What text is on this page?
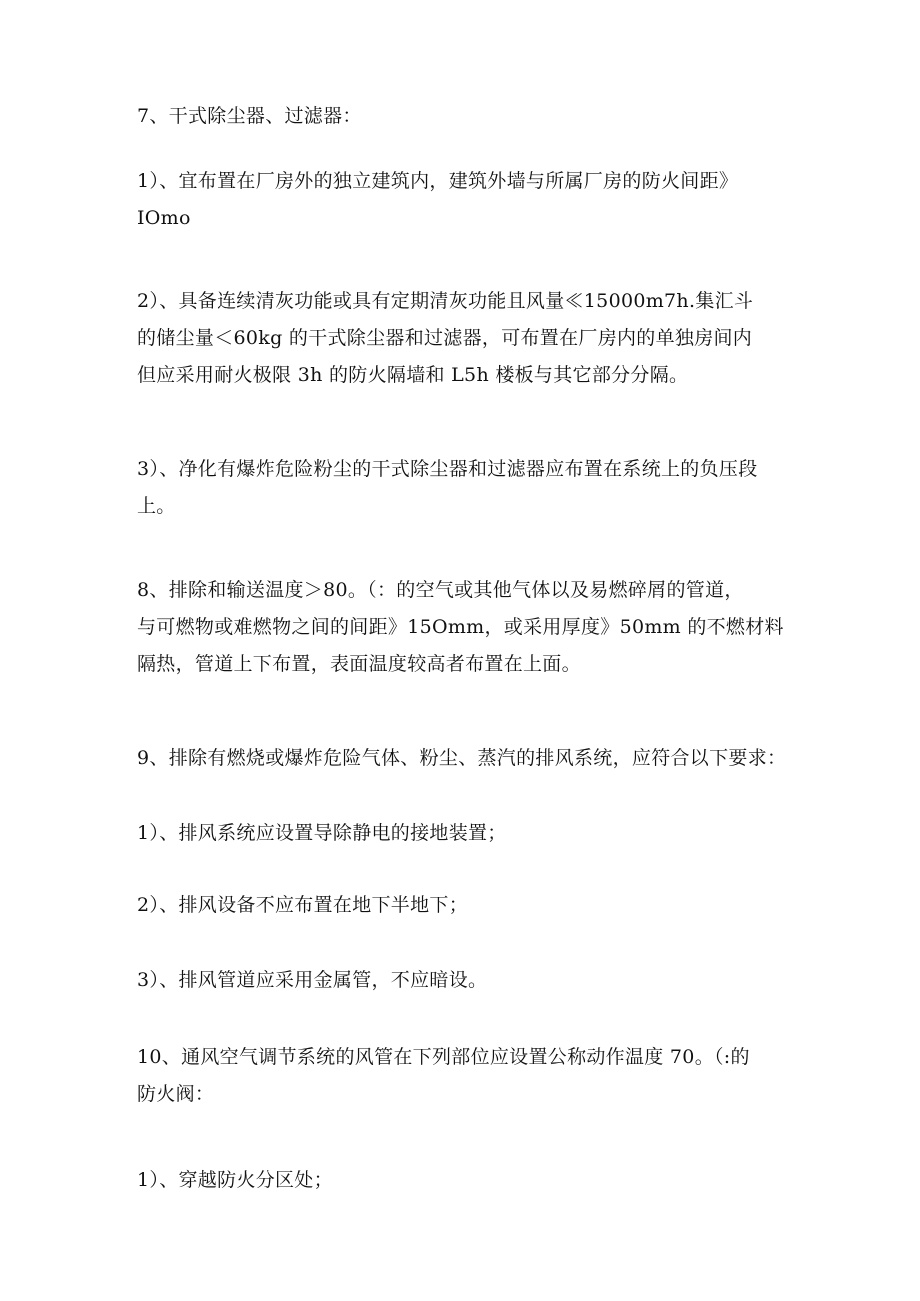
7、干式除尘器、过滤器：

1）、宜布置在厂房外的独立建筑内，建筑外墙与所属厂房的防火间距》
IOmo

2）、具备连续清灰功能或具有定期清灰功能且风量≪15000m7h.集汇斗
的储尘量＜60kg 的干式除尘器和过滤器，可布置在厂房内的单独房间内
但应采用耐火极限 3h 的防火隔墙和 L5h 楼板与其它部分分隔。

3）、净化有爆炸危险粉尘的干式除尘器和过滤器应布置在系统上的负压段
上。

8、排除和输送温度＞80。（：的空气或其他气体以及易燃碎屑的管道，
与可燃物或难燃物之间的间距》15Omm，或采用厚度》50mm 的不燃材料
隔热，管道上下布置，表面温度较高者布置在上面。

9、排除有燃烧或爆炸危险气体、粉尘、蒸汽的排风系统，应符合以下要求：

1）、排风系统应设置导除静电的接地装置；

2）、排风设备不应布置在地下半地下；

3）、排风管道应采用金属管，不应暗设。

10、通风空气调节系统的风管在下列部位应设置公称动作温度 70。（:的
防火阀：

1）、穿越防火分区处；
